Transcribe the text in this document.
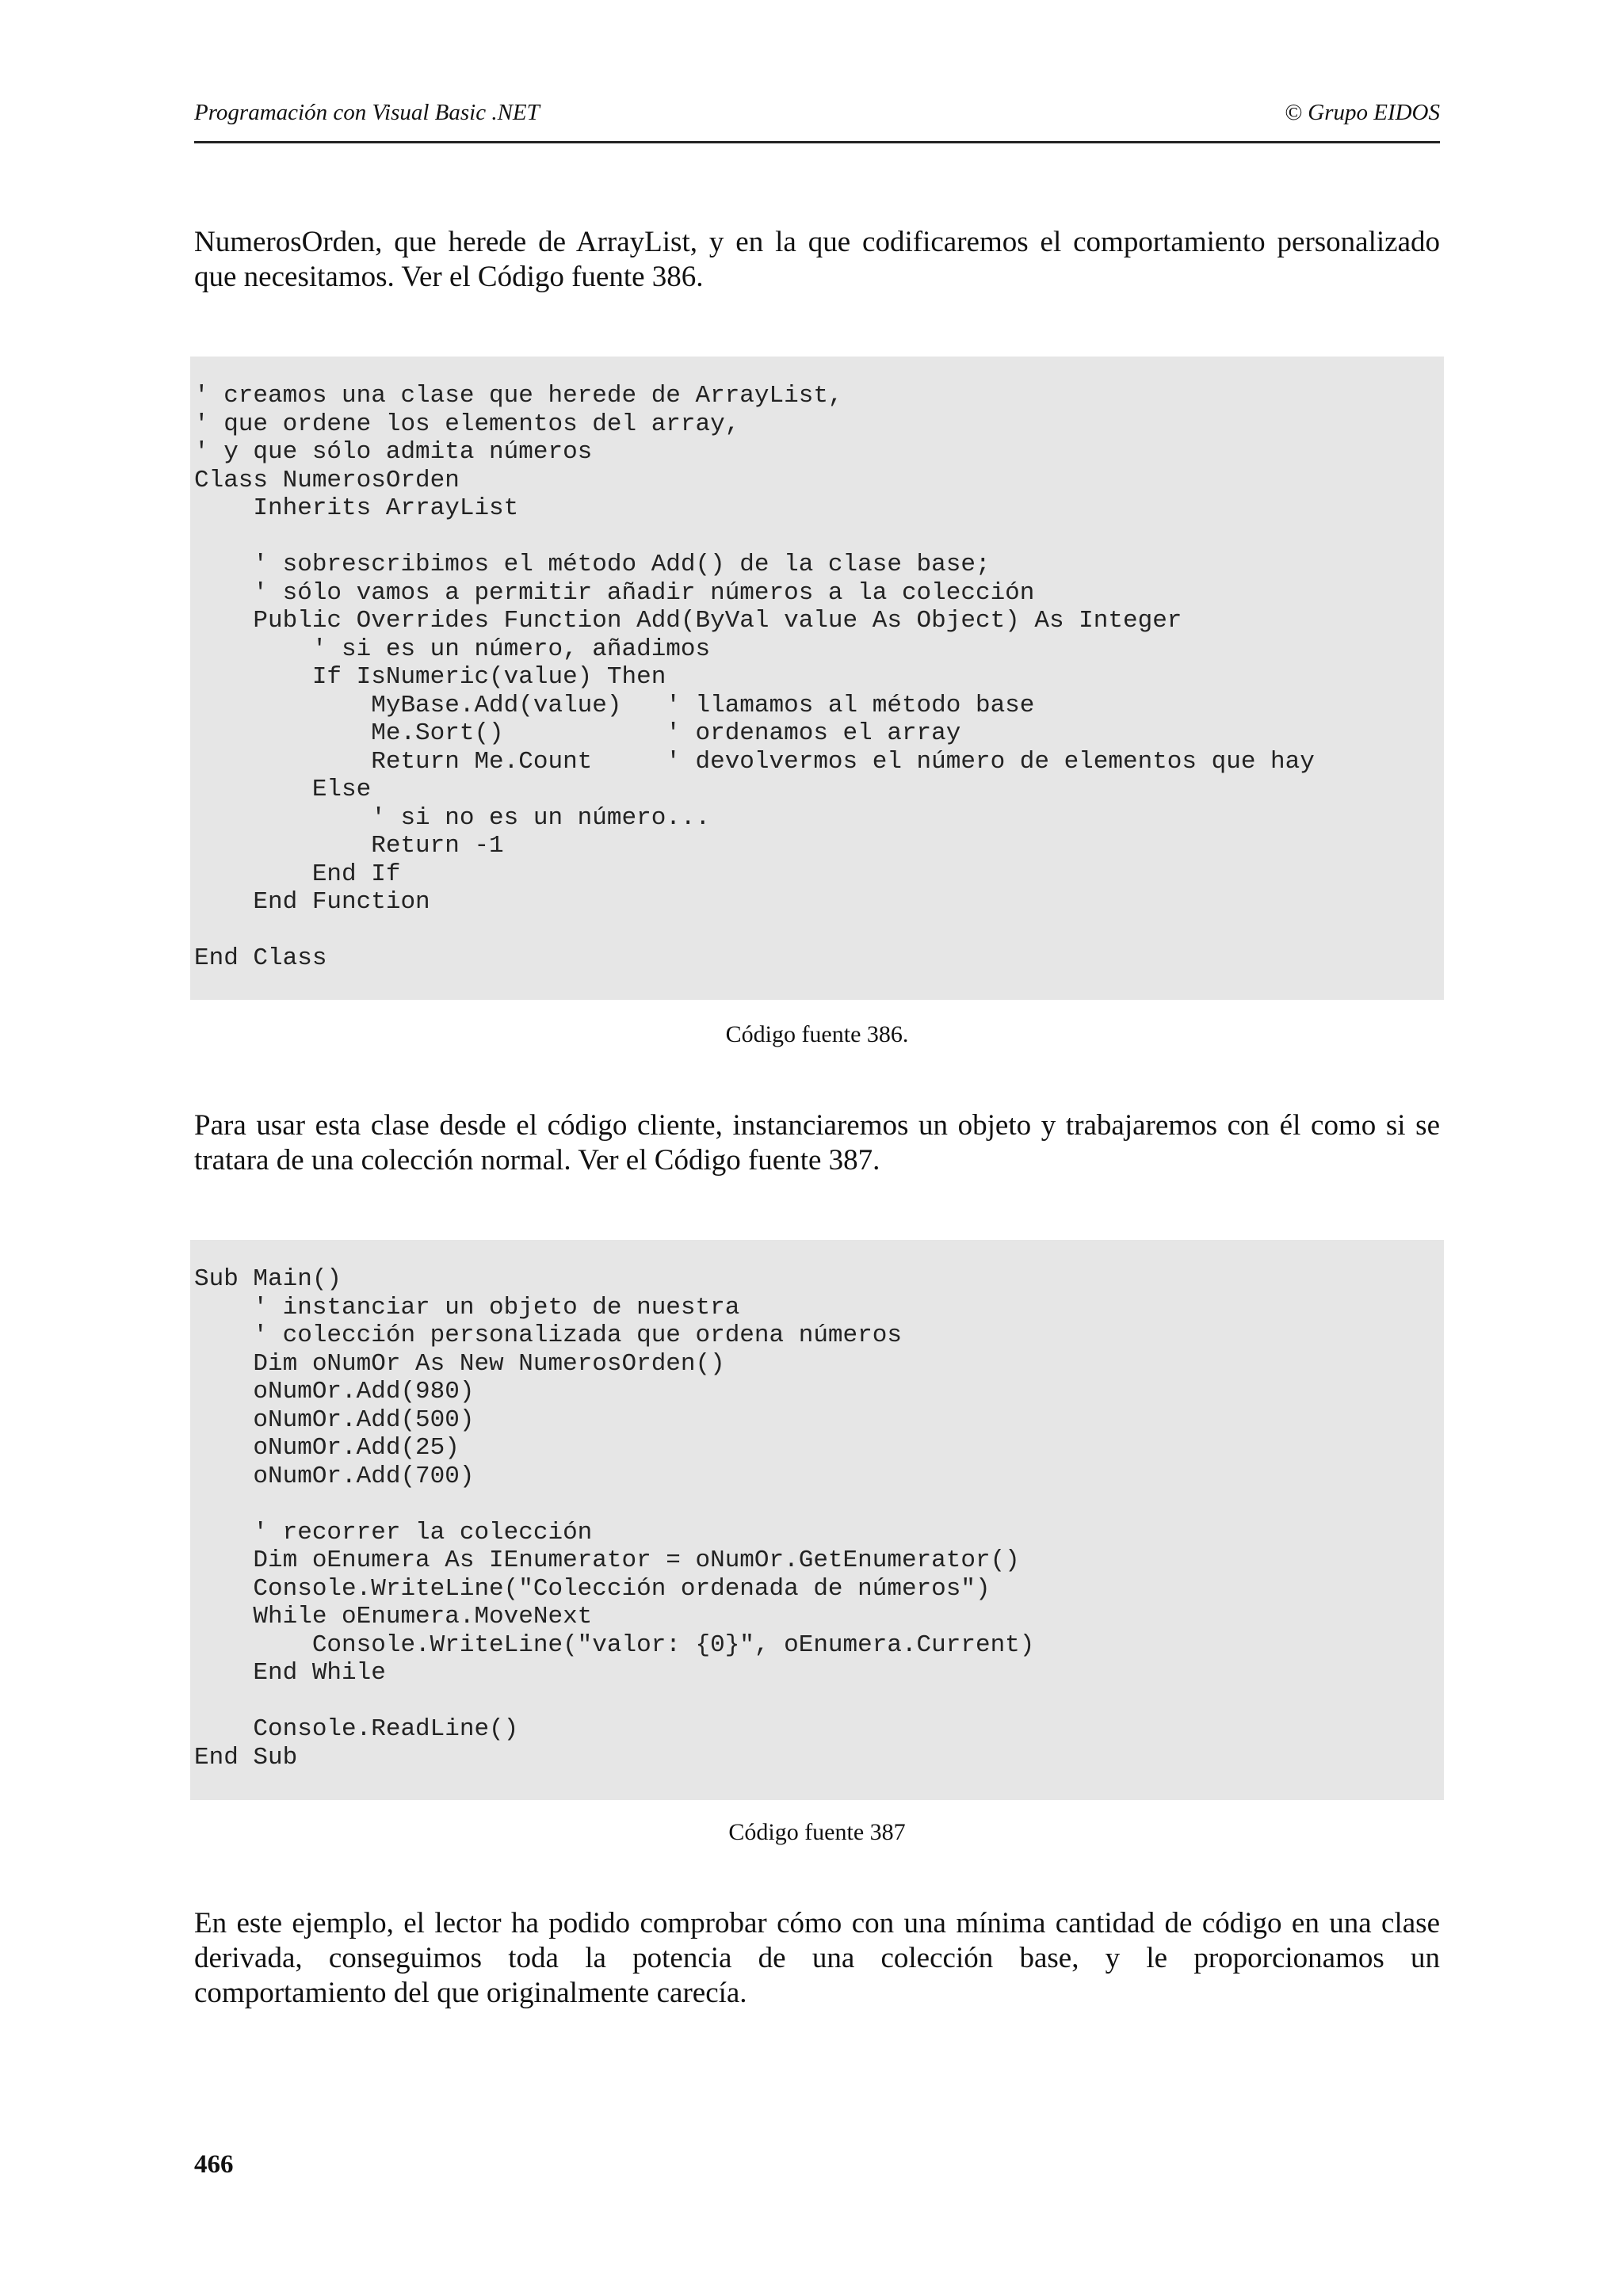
Programación con Visual Basic .NET	© Grupo EIDOS
NumerosOrden, que herede de ArrayList, y en la que codificaremos el comportamiento personalizado
que necesitamos. Ver el Código fuente 386.
' creamos una clase que herede de ArrayList,
' que ordene los elementos del array,
' y que sólo admita números
Class NumerosOrden
Inherits ArrayList
' sobrescribimos el método Add() de la clase base;
' sólo vamos a permitir añadir números a la colección
Public Overrides Function Add(ByVal value As Object) As Integer
' si es un número, añadimos
If IsNumeric(value) Then
MyBase.Add(value)   ' llamamos al método base
Me.Sort()           ' ordenamos el array
Return Me.Count     ' devolvermos el número de elementos que hay
Else
' si no es un número...
Return -1
End If
End Function
End Class
Código fuente 386.
Para usar esta clase desde el código cliente, instanciaremos un objeto y trabajaremos con él como si se
tratara de una colección normal. Ver el Código fuente 387.
Sub Main()
' instanciar un objeto de nuestra
' colección personalizada que ordena números
Dim oNumOr As New NumerosOrden()
oNumOr.Add(980)
oNumOr.Add(500)
oNumOr.Add(25)
oNumOr.Add(700)
' recorrer la colección
Dim oEnumera As IEnumerator = oNumOr.GetEnumerator()
Console.WriteLine("Colección ordenada de números")
While oEnumera.MoveNext
Console.WriteLine("valor: {0}", oEnumera.Current)
End While
Console.ReadLine()
End Sub
Código fuente 387
En este ejemplo, el lector ha podido comprobar cómo con una mínima cantidad de código en una clase
derivada, conseguimos toda la potencia de una colección base, y le proporcionamos un
comportamiento del que originalmente carecía.
466
